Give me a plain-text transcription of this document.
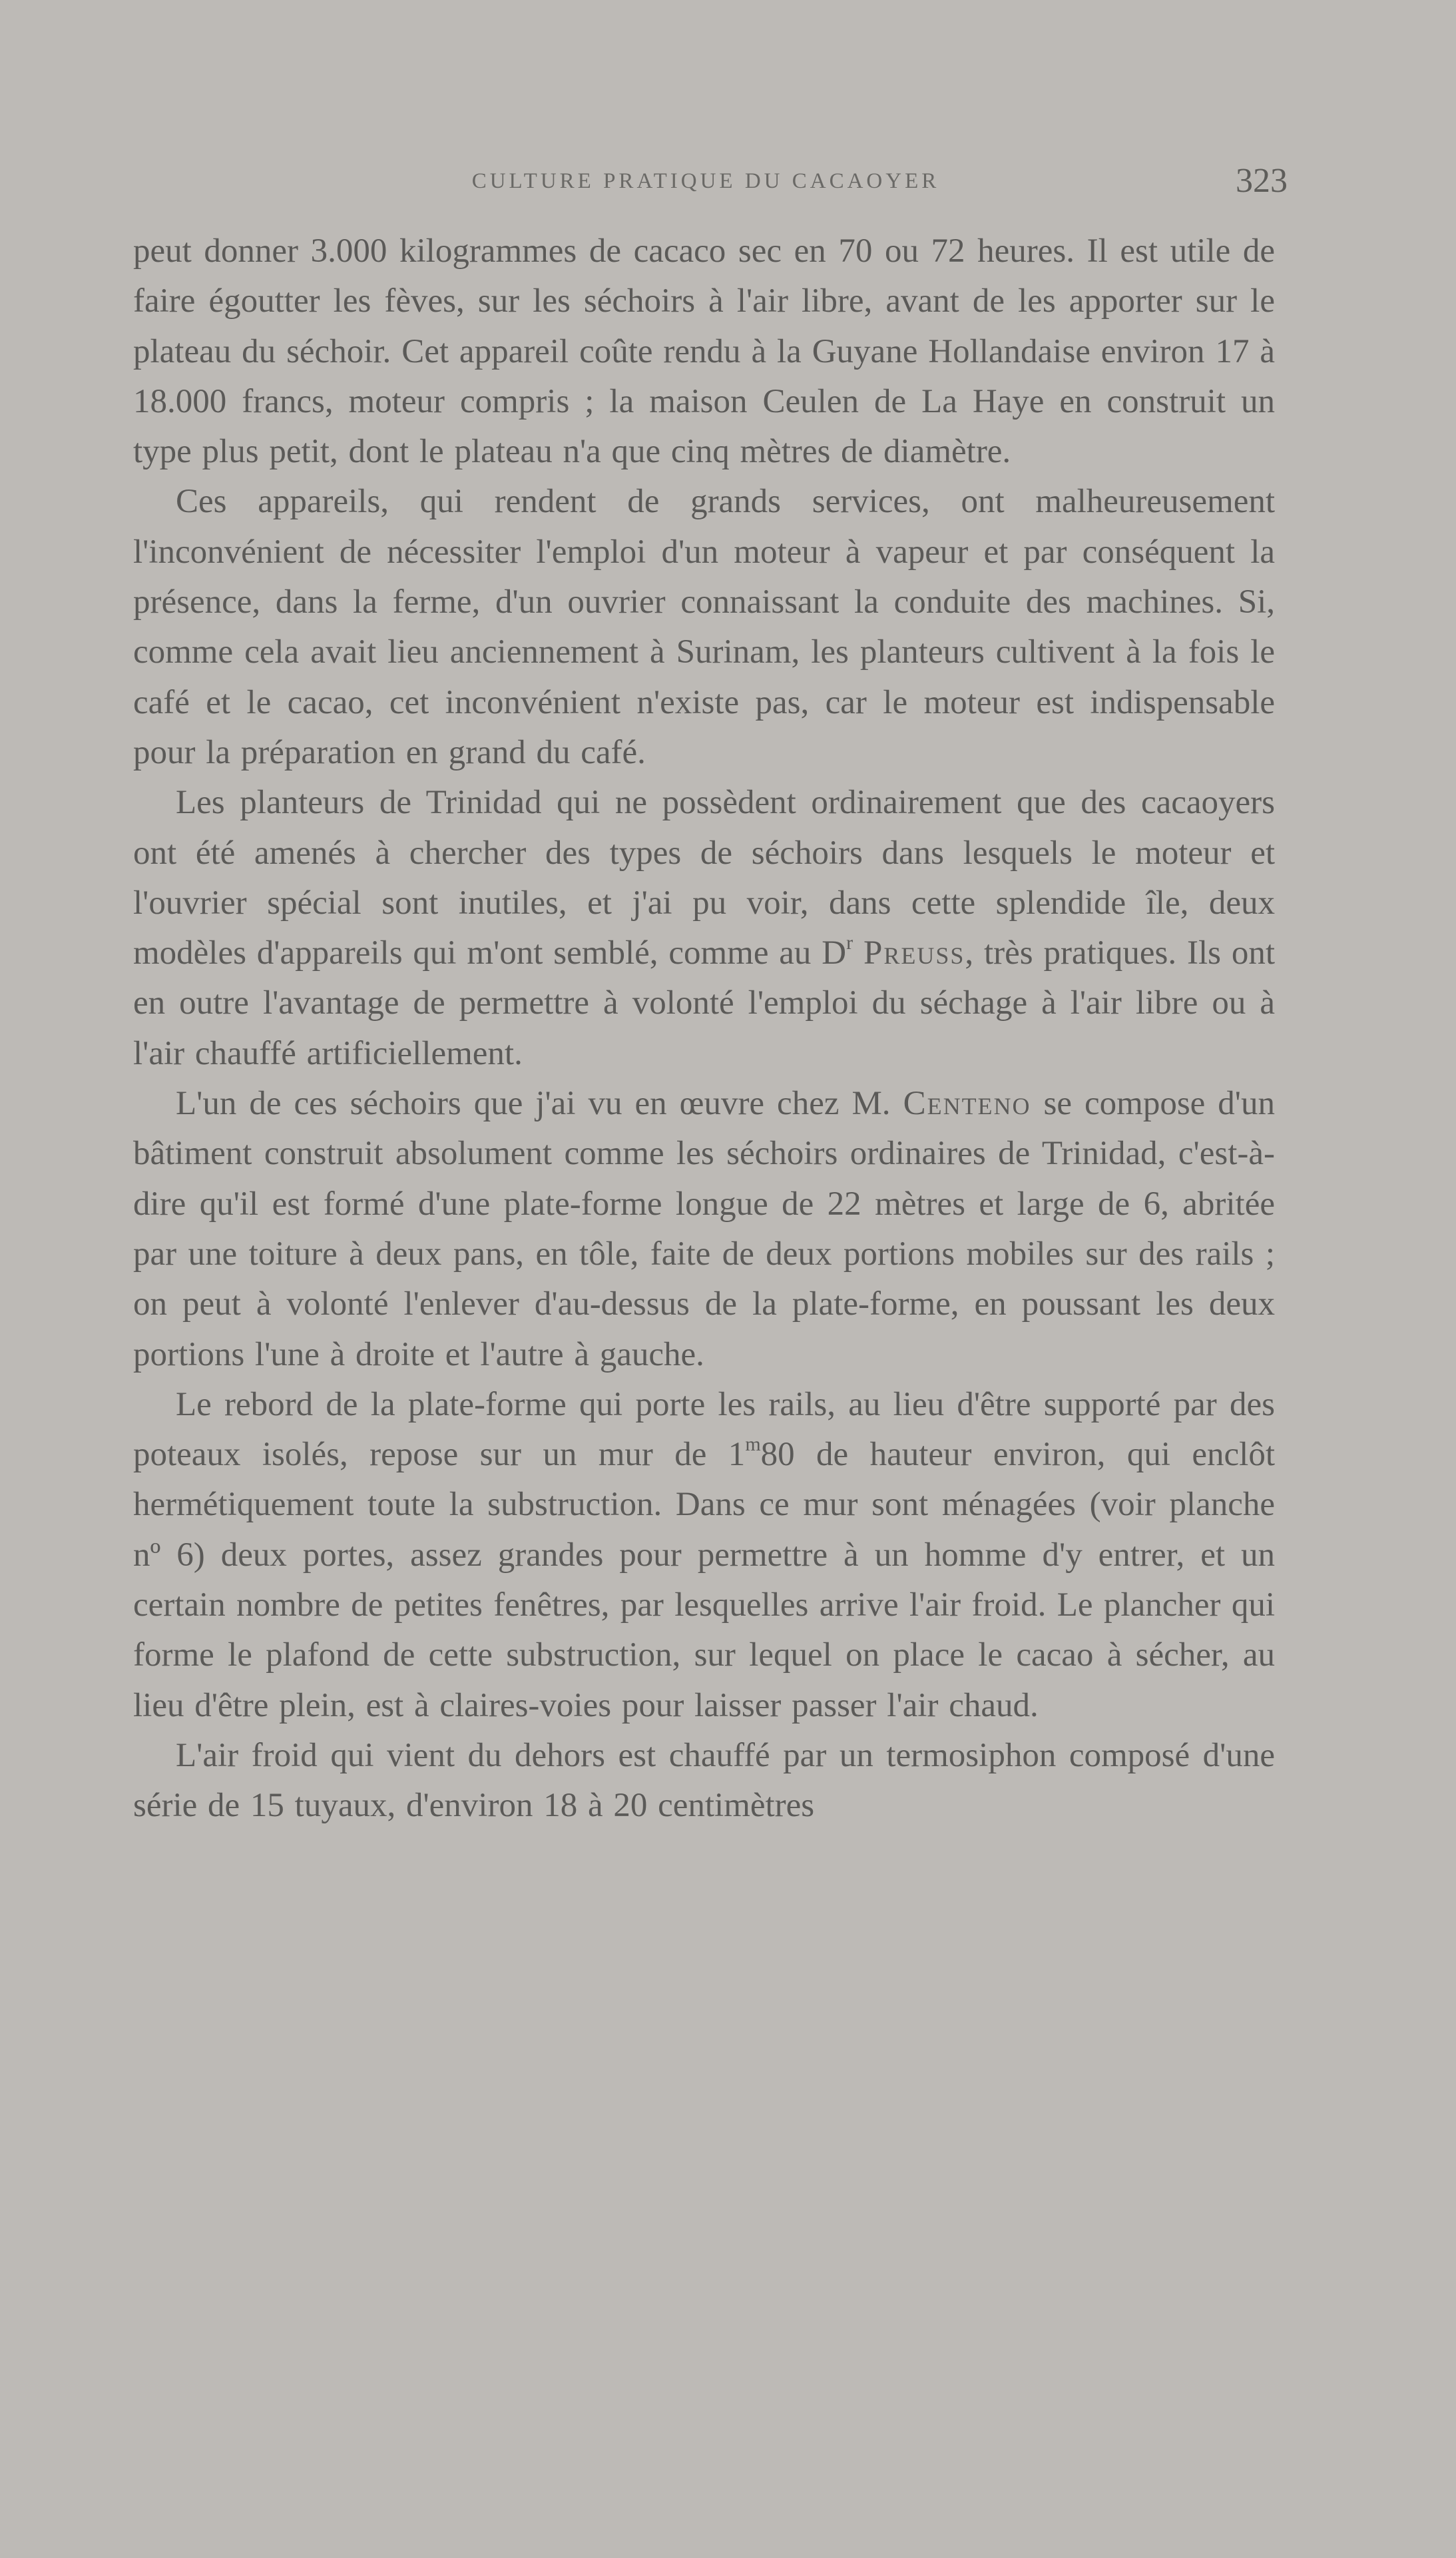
CULTURE PRATIQUE DU CACAOYER	323

peut donner 3.000 kilogrammes de cacaco sec en 70 ou 72 heures. Il est utile de faire égoutter les fèves, sur les séchoirs à l'air libre, avant de les apporter sur le plateau du séchoir. Cet appareil coûte rendu à la Guyane Hollandaise environ 17 à 18.000 francs, moteur compris ; la maison Ceulen de La Haye en construit un type plus petit, dont le plateau n'a que cinq mètres de diamètre.

Ces appareils, qui rendent de grands services, ont malheureusement l'inconvénient de nécessiter l'emploi d'un moteur à vapeur et par conséquent la présence, dans la ferme, d'un ouvrier connaissant la conduite des machines. Si, comme cela avait lieu anciennement à Surinam, les planteurs cultivent à la fois le café et le cacao, cet inconvénient n'existe pas, car le moteur est indispensable pour la préparation en grand du café.

Les planteurs de Trinidad qui ne possèdent ordinairement que des cacaoyers ont été amenés à chercher des types de séchoirs dans lesquels le moteur et l'ouvrier spécial sont inutiles, et j'ai pu voir, dans cette splendide île, deux modèles d'appareils qui m'ont semblé, comme au $D^r$ Preuss, très pratiques. Ils ont en outre l'avantage de permettre à volonté l'emploi du séchage à l'air libre ou à l'air chauffé artificiellement.

L'un de ces séchoirs que j'ai vu en œuvre chez M. Centeno se compose d'un bâtiment construit absolument comme les séchoirs ordinaires de Trinidad, c'est-à-dire qu'il est formé d'une plate-forme longue de 22 mètres et large de 6, abritée par une toiture à deux pans, en tôle, faite de deux portions mobiles sur des rails ; on peut à volonté l'enlever d'au-dessus de la plate-forme, en poussant les deux portions l'une à droite et l'autre à gauche.

Le rebord de la plate-forme qui porte les rails, au lieu d'être supporté par des poteaux isolés, repose sur un mur de 1$^m$80 de hauteur environ, qui enclôt hermétiquement toute la substruction. Dans ce mur sont ménagées (voir planche nº 6) deux portes, assez grandes pour permettre à un homme d'y entrer, et un certain nombre de petites fenêtres, par lesquelles arrive l'air froid. Le plancher qui forme le plafond de cette substruction, sur lequel on place le cacao à sécher, au lieu d'être plein, est à claires-voies pour laisser passer l'air chaud.

L'air froid qui vient du dehors est chauffé par un termosiphon composé d'une série de 15 tuyaux, d'environ 18 à 20 centimètres
